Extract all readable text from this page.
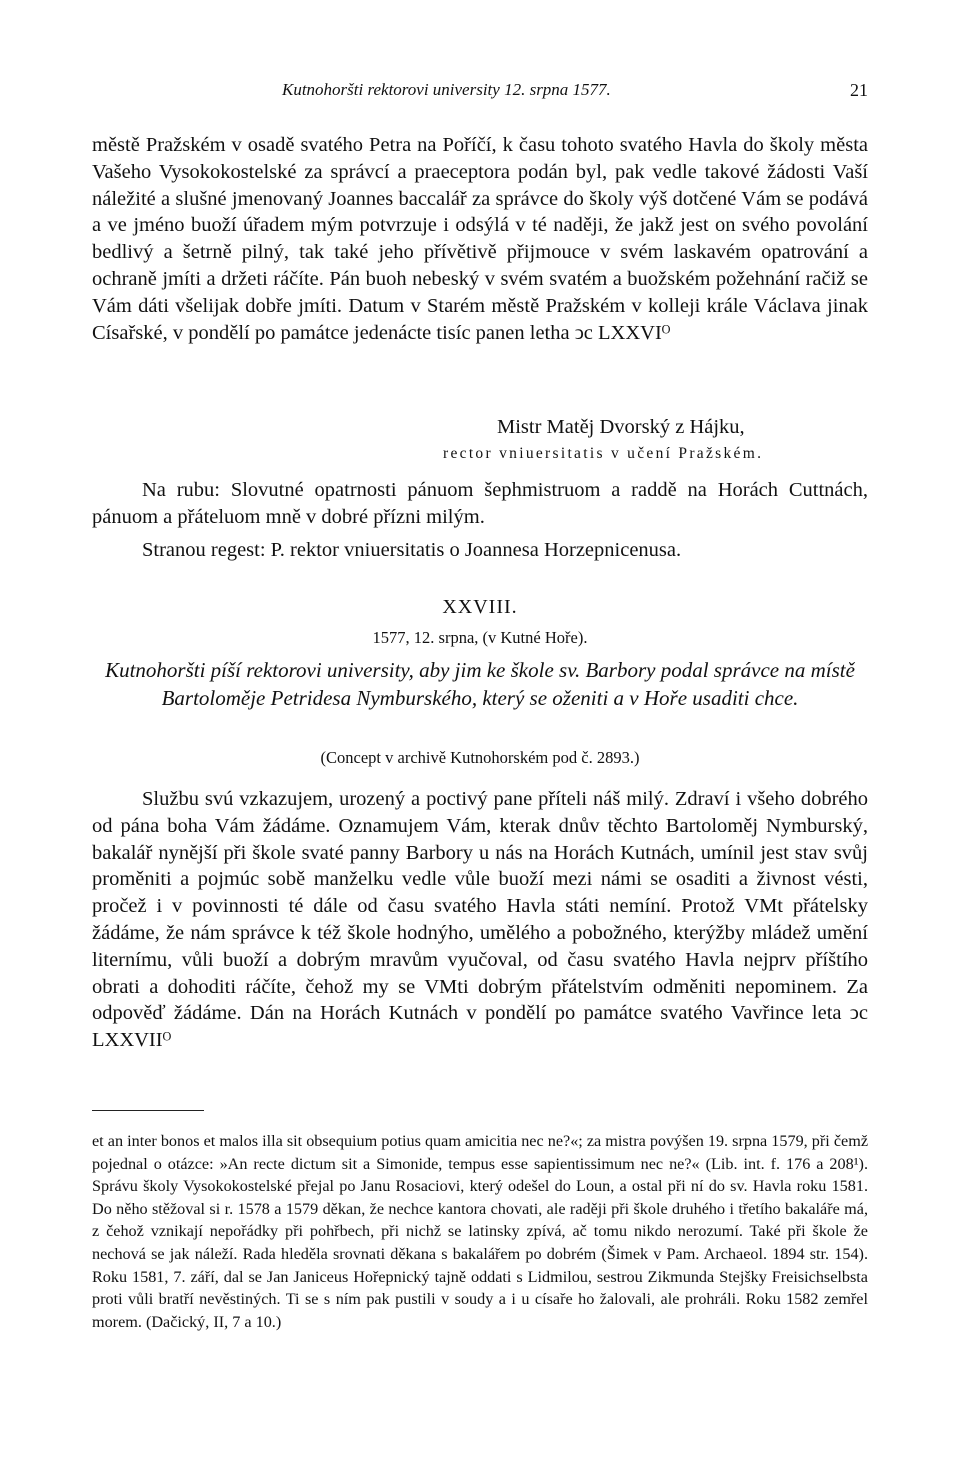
Kutnohoršti rektorovi university 12. srpna 1577.	21

městě Pražském v osadě svatého Petra na Poříčí, k času tohoto svatého Havla do školy města Vašeho Vysokokostelské za správcí a praeceptora podán byl, pak vedle takové žádosti Vaší náležité a slušné jmenovaný Joannes baccalář za správce do školy výš dotčené Vám se podává a ve jméno buoží úřadem mým potvrzuje i odsýlá v té naději, že jakž jest on svého povolání bedlivý a šetrně pilný, tak také jeho přívětivě přijmouce v svém laskavém opatrování a ochraně jmíti a držeti ráčíte. Pán buoh nebeský v svém svatém a buožském požehnání račiž se Vám dáti všelijak dobře jmíti. Datum v Starém městě Pražském v kolleji krále Václava jinak Císařské, v pondělí po památce jedenácte tisíc panen letha ↄc LXXVIᴼ

Mistr Matěj Dvorský z Hájku,
rector vniuersitatis v učení Pražském.

Na rubu: Slovutné opatrnosti pánuom šephmistruom a raddě na Horách Cuttnách, pánuom a přáteluom mně v dobré přízni milým.

Stranou regest: P. rektor vniuersitatis o Joannesa Horzepnicenusa.

XXVIII.
1577, 12. srpna, (v Kutné Hoře).
Kutnohoršti píší rektorovi university, aby jim ke škole sv. Barbory podal správce na místě Bartoloměje Petridesa Nymburského, který se oženiti a v Hoře usaditi chce.
(Concept v archivě Kutnohorském pod č. 2893.)

Službu svú vzkazujem, urozený a poctivý pane příteli náš milý. Zdraví i všeho dobrého od pána boha Vám žádáme. Oznamujem Vám, kterak dnův těchto Bartoloměj Nymburský, bakalář nynější při škole svaté panny Barbory u nás na Horách Kutnách, umínil jest stav svůj proměniti a pojmúc sobě manželku vedle vůle buoží mezi námi se osaditi a živnost vésti, pročež i v povinnosti té dále od času svatého Havla státi nemíní. Protož VMt přátelsky žádáme, že nám správce k též škole hodnýho, umělého a pobožného, kterýžby mládež umění liternímu, vůli buoží a dobrým mravům vyučoval, od času svatého Havla nejprv příštího obrati a dohoditi ráčíte, čehož my se VMti dobrým přátelstvím odměniti nepominem. Za odpověď žádáme. Dán na Horách Kutnách v pondělí po památce svatého Vavřince leta ↄc LXXVIIᴼ

et an inter bonos et malos illa sit obsequium potius quam amicitia nec ne?«; za mistra povýšen 19. srpna 1579, při čemž pojednal o otázce: »An recte dictum sit a Simonide, tempus esse sapientissimum nec ne?« (Lib. int. f. 176 a 208¹). Správu školy Vysokokostelské přejal po Janu Rosaciovi, který odešel do Loun, a ostal při ní do sv. Havla roku 1581. Do něho stěžoval si r. 1578 a 1579 děkan, že nechce kantora chovati, ale raději při škole druhého i třetího bakaláře má, z čehož vznikají nepořádky při pohřbech, při nichž se latinsky zpívá, ač tomu nikdo nerozumí. Také při škole že nechová se jak náleží. Rada hleděla srovnati děkana s bakalářem po dobrém (Šimek v Pam. Archaeol. 1894 str. 154). Roku 1581, 7. září, dal se Jan Janiceus Hořepnický tajně oddati s Lidmilou, sestrou Zikmunda Stejšky Freisichselbsta proti vůli bratří nevěstiných. Ti se s ním pak pustili v soudy a i u císaře ho žalovali, ale prohráli. Roku 1582 zemřel morem. (Dačický, II, 7 a 10.)
